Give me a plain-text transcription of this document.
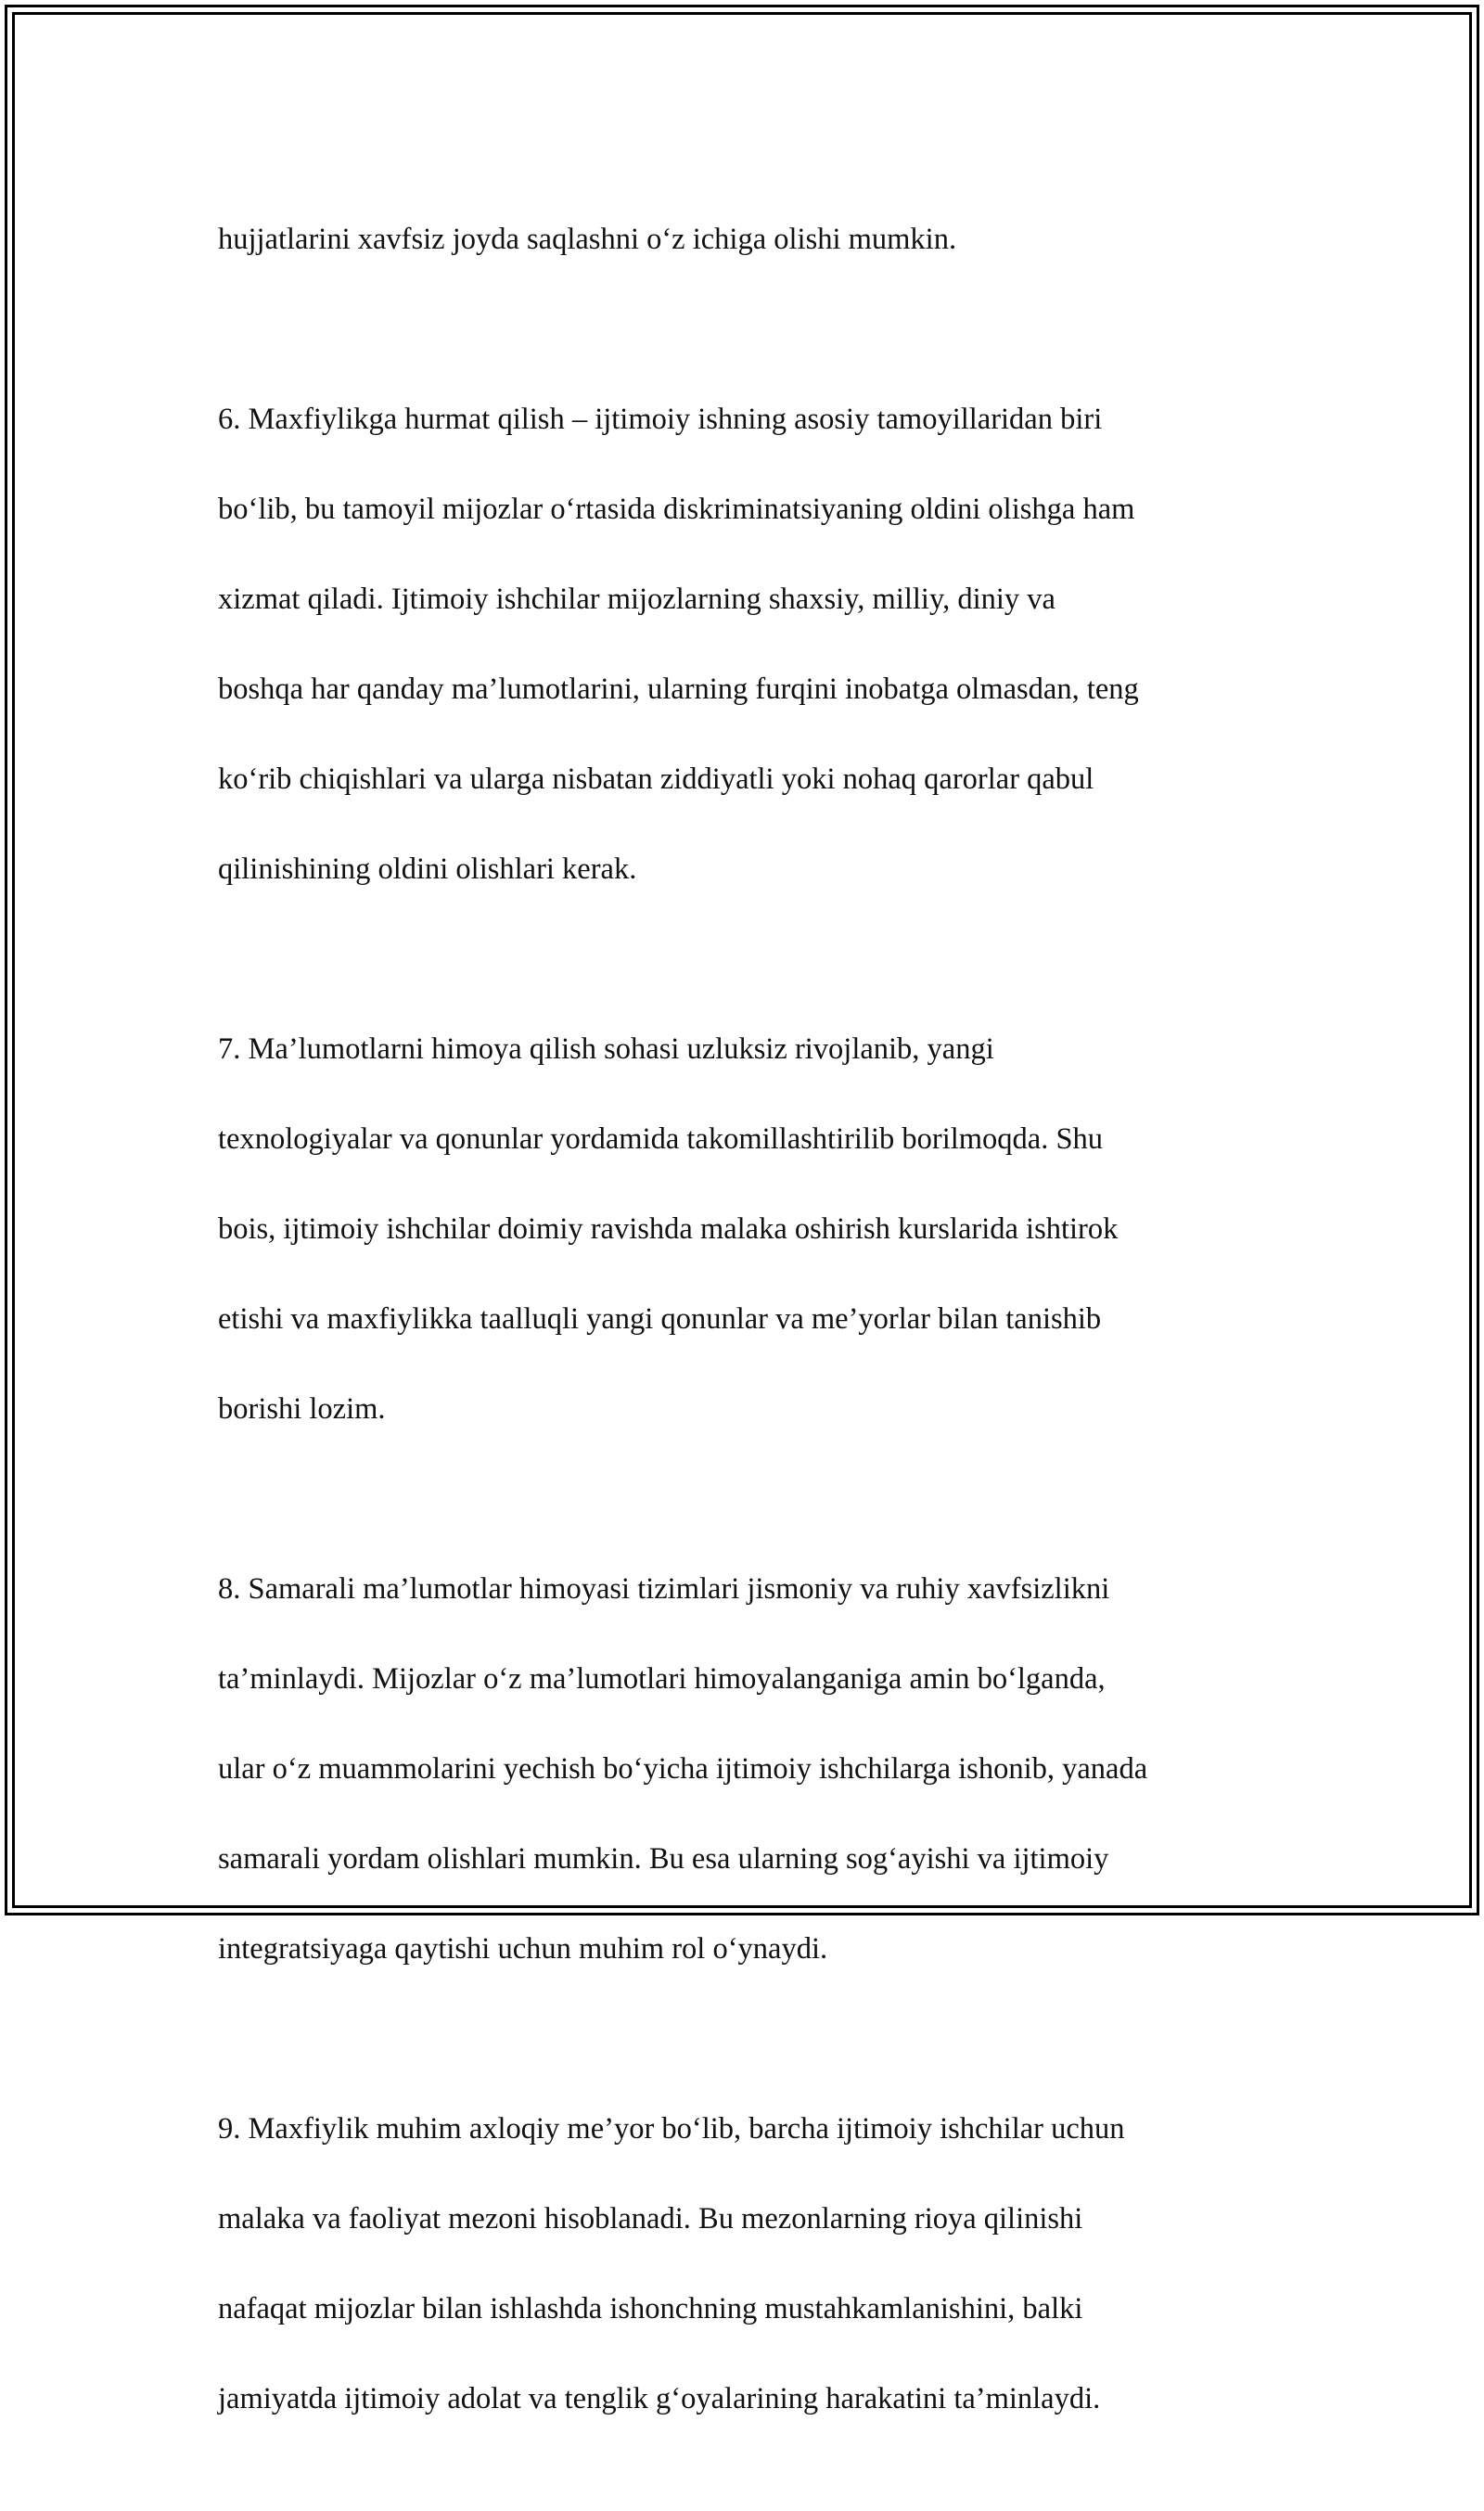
hujjatlarini xavfsiz joyda saqlashni o‘z ichiga olishi mumkin.

6. Maxfiylikga hurmat qilish – ijtimoiy ishning asosiy tamoyillaridan biri

bo‘lib, bu tamoyil mijozlar o‘rtasida diskriminatsiyaning oldini olishga ham

xizmat qiladi. Ijtimoiy ishchilar mijozlarning shaxsiy, milliy, diniy va

boshqa har qanday ma’lumotlarini, ularning furqini inobatga olmasdan, teng

ko‘rib chiqishlari va ularga nisbatan ziddiyatli yoki nohaq qarorlar qabul

qilinishining oldini olishlari kerak.

7. Ma’lumotlarni himoya qilish sohasi uzluksiz rivojlanib, yangi

texnologiyalar va qonunlar yordamida takomillashtirilib borilmoqda. Shu

bois, ijtimoiy ishchilar doimiy ravishda malaka oshirish kurslarida ishtirok

etishi va maxfiylikka taalluqli yangi qonunlar va me’yorlar bilan tanishib

borishi lozim.

8. Samarali ma’lumotlar himoyasi tizimlari jismoniy va ruhiy xavfsizlikni

ta’minlaydi. Mijozlar o‘z ma’lumotlari himoyalanganiga amin bo‘lganda,

ular o‘z muammolarini yechish bo‘yicha ijtimoiy ishchilarga ishonib, yanada

samarali yordam olishlari mumkin. Bu esa ularning sog‘ayishi va ijtimoiy

integratsiyaga qaytishi uchun muhim rol o‘ynaydi.

9. Maxfiylik muhim axloqiy me’yor bo‘lib, barcha ijtimoiy ishchilar uchun

malaka va faoliyat mezoni hisoblanadi. Bu mezonlarning rioya qilinishi

nafaqat mijozlar bilan ishlashda ishonchning mustahkamlanishini, balki

jamiyatda ijtimoiy adolat va tenglik g‘oyalarining harakatini ta’minlaydi.
